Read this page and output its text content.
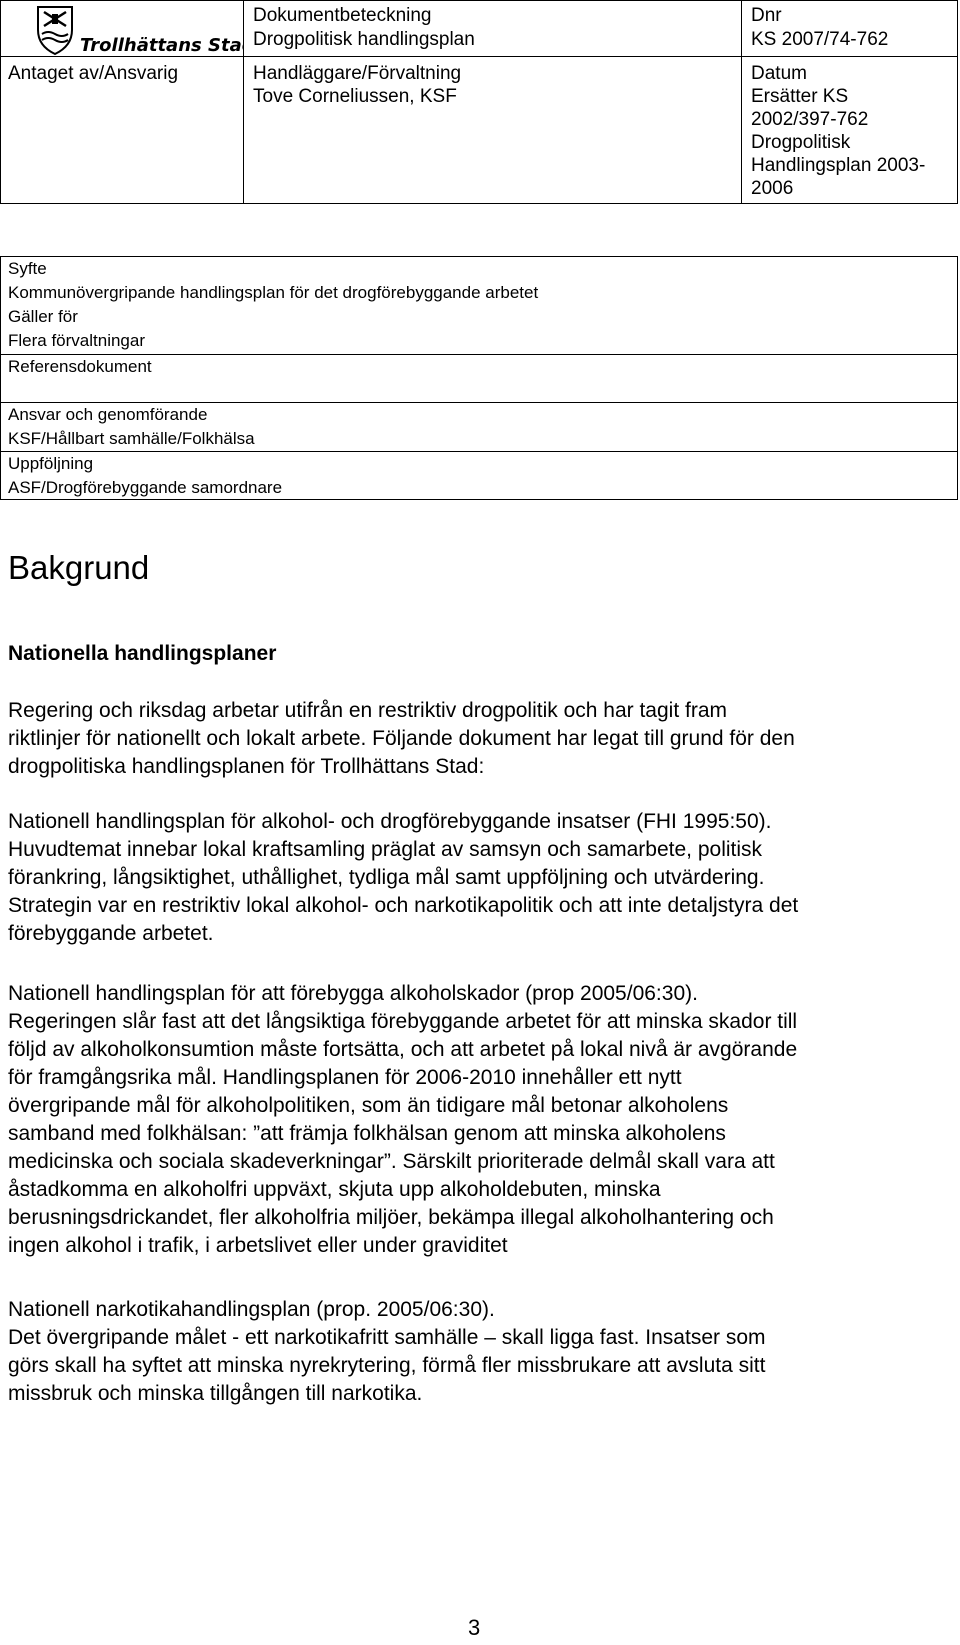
Trollhättans Stad
Antaget av/Ansvarig
Dokumentbeteckning
Drogpolitisk handlingsplan
Handläggare/Förvaltning
Tove Corneliussen, KSF
Dnr
KS 2007/74-762
Datum
Ersätter KS
2002/397-762
Drogpolitisk
Handlingsplan 2003-
2006
Syfte
Kommunövergripande handlingsplan för det drogförebyggande arbetet
Gäller för
Flera förvaltningar
Referensdokument
Ansvar och genomförande
KSF/Hållbart samhälle/Folkhälsa
Uppföljning
ASF/Drogförebyggande samordnare
Bakgrund
Nationella handlingsplaner
Regering och riksdag arbetar utifrån en restriktiv drogpolitik och har tagit fram
riktlinjer för nationellt och lokalt arbete. Följande dokument har legat till grund för den
drogpolitiska handlingsplanen för Trollhättans Stad:
Nationell handlingsplan för alkohol- och drogförebyggande insatser (FHI 1995:50).
Huvudtemat innebar lokal kraftsamling präglat av samsyn och samarbete, politisk
förankring, långsiktighet, uthållighet, tydliga mål samt uppföljning och utvärdering.
Strategin var en restriktiv lokal alkohol- och narkotikapolitik och att inte detaljstyra det
förebyggande arbetet.
Nationell handlingsplan för att förebygga alkoholskador (prop 2005/06:30).
Regeringen slår fast att det långsiktiga förebyggande arbetet för att minska skador till
följd av alkoholkonsumtion måste fortsätta, och att arbetet på lokal nivå är avgörande
för framgångsrika mål. Handlingsplanen för 2006-2010 innehåller ett nytt
övergripande mål för alkoholpolitiken, som än tidigare mål betonar alkoholens
samband med folkhälsan: ”att främja folkhälsan genom att minska alkoholens
medicinska och sociala skadeverkningar”. Särskilt prioriterade delmål skall vara att
åstadkomma en alkoholfri uppväxt, skjuta upp alkoholdebuten, minska
berusningsdrickandet, fler alkoholfria miljöer, bekämpa illegal alkoholhantering och
ingen alkohol i trafik, i arbetslivet eller under graviditet
Nationell narkotikahandlingsplan (prop. 2005/06:30).
Det övergripande målet - ett narkotikafritt samhälle – skall ligga fast. Insatser som
görs skall ha syftet att minska nyrekrytering, förmå fler missbrukare att avsluta sitt
missbruk och minska tillgången till narkotika.
3
